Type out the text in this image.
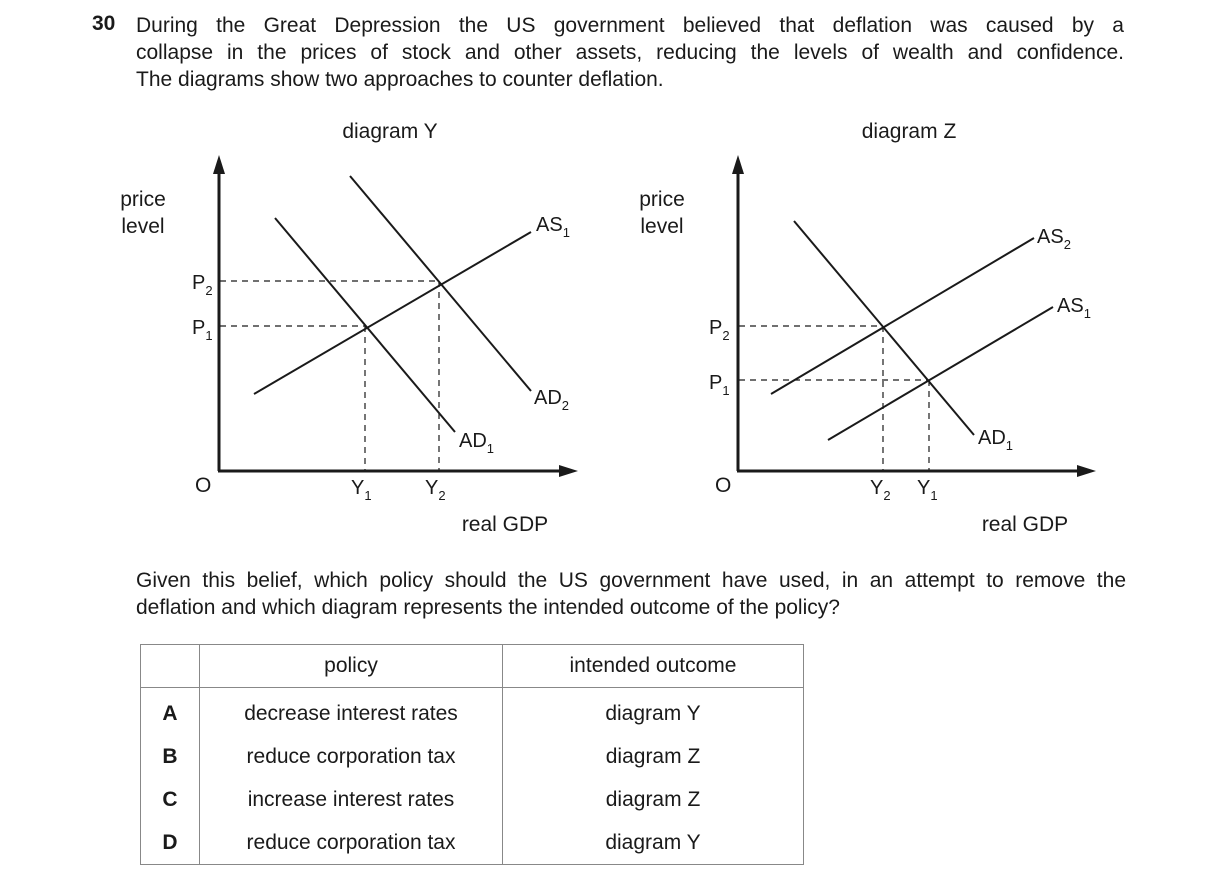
30 During the Great Depression the US government believed that deflation was caused by a
collapse in the prices of stock and other assets, reducing the levels of wealth and confidence.
The diagrams show two approaches to counter deflation.
diagram Y
price
level
$P_2$
$P_1$
O	$Y_1$	$Y_2$
$AS_1$
$AD_2$
$AD_1$
real GDP
diagram Z
price
level
$P_2$
$P_1$
O	$Y_2$ $Y_1$
$AS_2$
$AS_1$
$AD_1$
real GDP
Given this belief, which policy should the US government have used, in an attempt to remove the
deflation and which diagram represents the intended outcome of the policy?
	policy	intended outcome
A	decrease interest rates	diagram Y
B	reduce corporation tax	diagram Z
C	increase interest rates	diagram Z
D	reduce corporation tax	diagram Y
